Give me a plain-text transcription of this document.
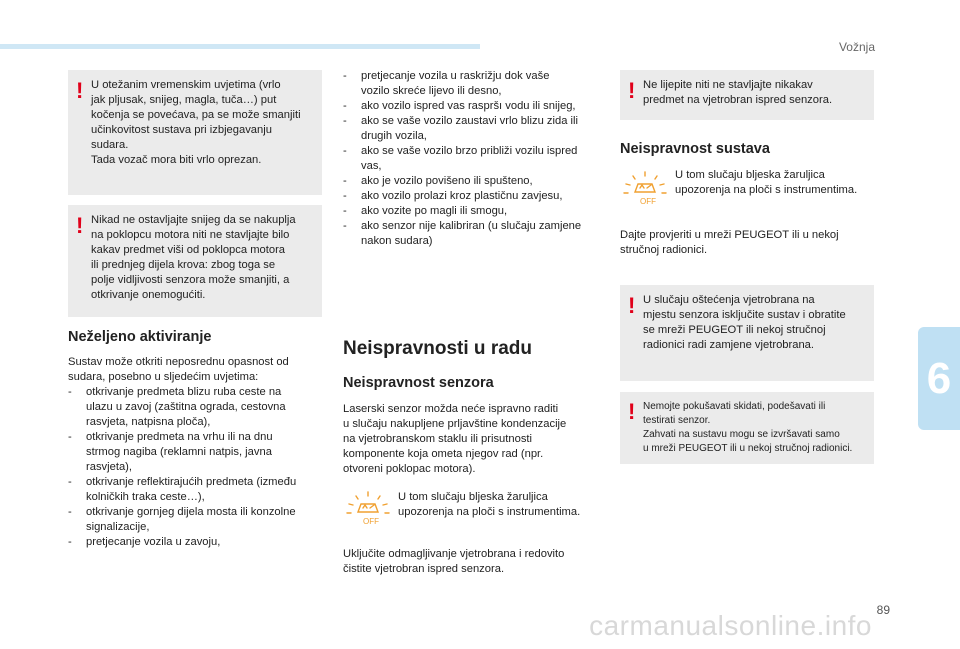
Vožnja
! U otežanim vremenskim uvjetima (vrlo
jak pljusak, snijeg, magla, tuča…) put
kočenja se povećava, pa se može smanjiti
učinkovitost sustava pri izbjegavanju
sudara.
Tada vozač mora biti vrlo oprezan.
! Nikad ne ostavljajte snijeg da se nakuplja
na poklopcu motora niti ne stavljajte bilo
kakav predmet viši od poklopca motora
ili prednjeg dijela krova: zbog toga se
polje vidljivosti senzora može smanjiti, a
otkrivanje onemogućiti.
Neželjeno aktiviranje
Sustav može otkriti neposrednu opasnost od
sudara, posebno u sljedećim uvjetima:
- otkrivanje predmeta blizu ruba ceste na
ulazu u zavoj (zaštitna ograda, cestovna
rasvjeta, natpisna ploča),
- otkrivanje predmeta na vrhu ili na dnu
strmog nagiba (reklamni natpis, javna
rasvjeta),
- otkrivanje reflektirajućih predmeta (između
kolničkih traka ceste…),
- otkrivanje gornjeg dijela mosta ili konzolne
signalizacije,
- pretjecanje vozila u zavoju,
- pretjecanje vozila u raskrižju dok vaše
vozilo skreće lijevo ili desno,
- ako vozilo ispred vas raspršı vodu ili snijeg,
- ako se vaše vozilo zaustavi vrlo blizu zida ili
drugih vozila,
- ako se vaše vozilo brzo približi vozilu ispred
vas,
- ako je vozilo povišeno ili spušteno,
- ako vozilo prolazi kroz plastičnu zavjesu,
- ako vozite po magli ili smogu,
- ako senzor nije kalibriran (u slučaju zamjene
nakon sudara)
Neispravnosti u radu
Neispravnost senzora
Laserski senzor možda neće ispravno raditi
u slučaju nakupljene prljavštine kondenzacije
na vjetrobranskom staklu ili prisutnosti
komponente koja ometa njegov rad (npr.
otvoreni poklopac motora).
OFF
U tom slučaju bljeska žaruljica
upozorenja na ploči s instrumentima.
Uključite odmagljivanje vjetrobrana i redovito
čistite vjetrobran ispred senzora.
! Ne lijepite niti ne stavljajte nikakav
predmet na vjetrobran ispred senzora.
Neispravnost sustava
OFF
U tom slučaju bljeska žaruljica
upozorenja na ploči s instrumentima.
Dajte provjeriti u mreži PEUGEOT ili u nekoj
stručnoj radionici.
! U slučaju oštećenja vjetrobrana na
mjestu senzora isključite sustav i obratite
se mreži PEUGEOT ili nekoj stručnoj
radionici radi zamjene vjetrobrana.
! Nemojte pokušavati skidati, podešavati ili
testirati senzor.
Zahvati na sustavu mogu se izvršavati samo
u mreži PEUGEOT ili u nekoj stručnoj radionici.
6
89
carmanualsonline.info
